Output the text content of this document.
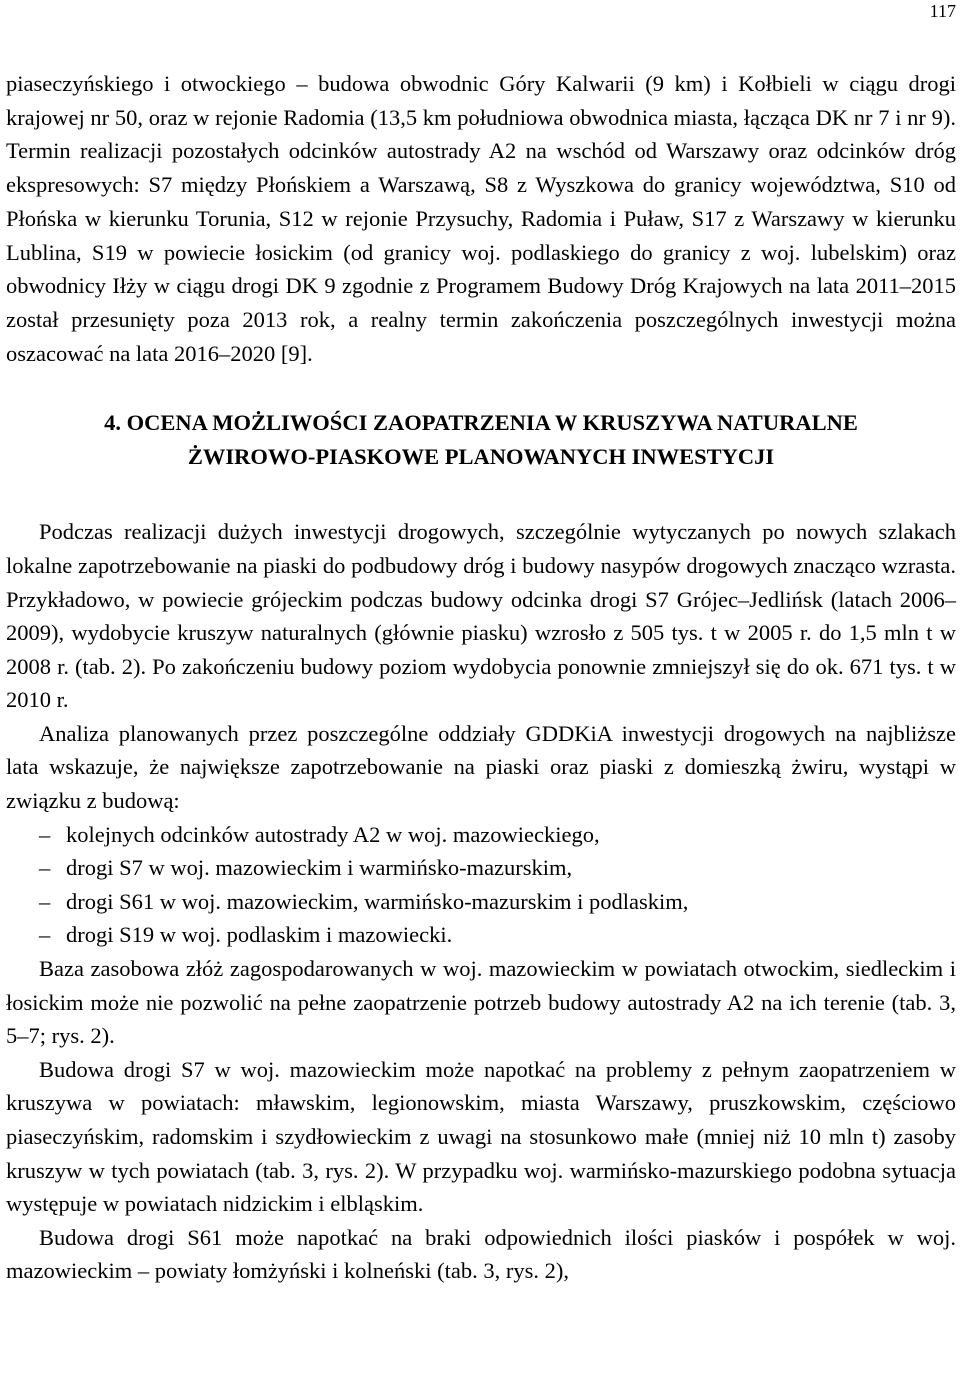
117

piaseczyńskiego i otwockiego – budowa obwodnic Góry Kalwarii (9 km) i Kołbieli w ciągu drogi krajowej nr 50, oraz w rejonie Radomia (13,5 km południowa obwodnica miasta, łącząca DK nr 7 i nr 9). Termin realizacji pozostałych odcinków autostrady A2 na wschód od Warszawy oraz odcinków dróg ekspresowych: S7 między Płońskiem a Warszawą, S8 z Wyszkowa do granicy województwa, S10 od Płońska w kierunku Torunia, S12 w rejonie Przysuchy, Radomia i Puław, S17 z Warszawy w kierunku Lublina, S19 w powiecie łosickim (od granicy woj. podlaskiego do granicy z woj. lubelskim) oraz obwodnicy Iłży w ciągu drogi DK 9 zgodnie z Programem Budowy Dróg Krajowych na lata 2011–2015 został przesunięty poza 2013 rok, a realny termin zakończenia poszczególnych inwestycji można oszacować na lata 2016–2020 [9].

4. OCENA MOŻLIWOŚCI ZAOPATRZENIA W KRUSZYWA NATURALNE
ŻWIROWO-PIASKOWE PLANOWANYCH INWESTYCJI

Podczas realizacji dużych inwestycji drogowych, szczególnie wytyczanych po nowych szlakach lokalne zapotrzebowanie na piaski do podbudowy dróg i budowy nasypów drogowych znacząco wzrasta. Przykładowo, w powiecie grójeckim podczas budowy odcinka drogi S7 Grójec–Jedlińsk (latach 2006–2009), wydobycie kruszyw naturalnych (głównie piasku) wzrosło z 505 tys. t w 2005 r. do 1,5 mln t w 2008 r. (tab. 2). Po zakończeniu budowy poziom wydobycia ponownie zmniejszył się do ok. 671 tys. t w 2010 r.

Analiza planowanych przez poszczególne oddziały GDDKiA inwestycji drogowych na najbliższe lata wskazuje, że największe zapotrzebowanie na piaski oraz piaski z domieszką żwiru, wystąpi w związku z budową:

– kolejnych odcinków autostrady A2 w woj. mazowieckiego,
– drogi S7 w woj. mazowieckim i warmińsko-mazurskim,
– drogi S61 w woj. mazowieckim, warmińsko-mazurskim i podlaskim,
– drogi S19 w woj. podlaskim i mazowiecki.

Baza zasobowa złóż zagospodarowanych w woj. mazowieckim w powiatach otwockim, siedleckim i łosickim może nie pozwolić na pełne zaopatrzenie potrzeb budowy autostrady A2 na ich terenie (tab. 3, 5–7; rys. 2).

Budowa drogi S7 w woj. mazowieckim może napotkać na problemy z pełnym zaopatrzeniem w kruszywa w powiatach: mławskim, legionowskim, miasta Warszawy, pruszkowskim, częściowo piaseczyńskim, radomskim i szydłowieckim z uwagi na stosunkowo małe (mniej niż 10 mln t) zasoby kruszyw w tych powiatach (tab. 3, rys. 2). W przypadku woj. warmińsko-mazurskiego podobna sytuacja występuje w powiatach nidzickim i elbląskim.

Budowa drogi S61 może napotkać na braki odpowiednich ilości piasków i pospółek w woj. mazowieckim – powiaty łomżyński i kolneński (tab. 3, rys. 2),
